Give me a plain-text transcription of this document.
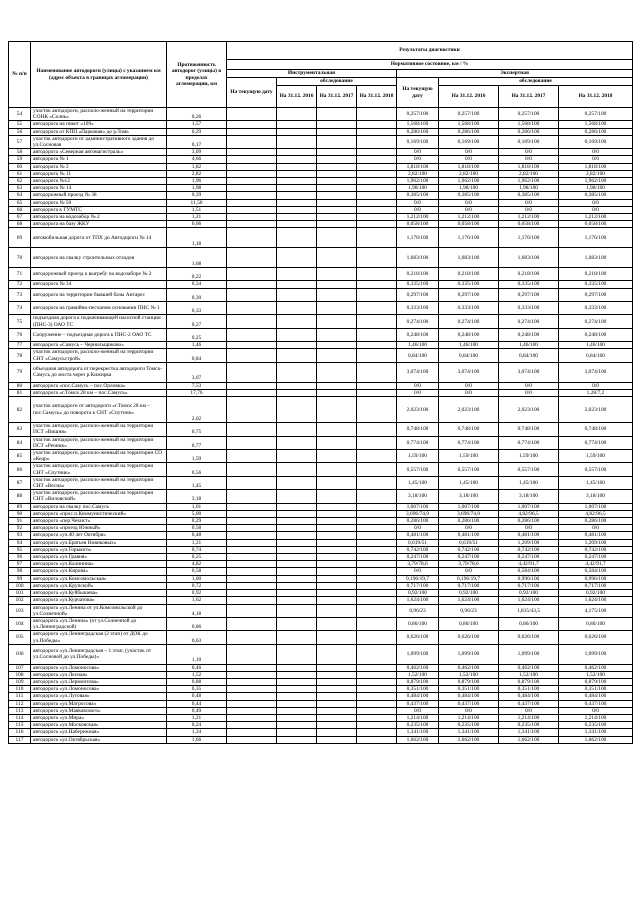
№ п/п	Наименование автодороги (улицы) с указанием км (адрес объекта в границах агломерации)	Протяженность автодорог (улицы) в пределах агломерации, км	Результаты диагностики							
			Нормативное состояние, км / %							
			Инструментальная				Экспертная			
			На текущую дату	обследование			На текущую дату	обследование		
				На 31.12. 2016	На 31.12. 2017	На 31.12. 2018		На 31.12. 2016	На 31.12. 2017	На 31.12. 2018
54	участок автодороги, располо-женный на территории СОНК «Солнь»	0,26					0,257/100	0,257/100	0,257/100	0,257/100
55	автодорога на пикет «109»	1,57					1,568/100	1,568/100	1,568/100	1,568/100
56	автодорога от КПП «Парковая» до р.Томь	0,29					0,286/100	0,286/100	0,286/100	0,286/100
57	участок автодороги от административного здания до ул.Сосновая	0,17					0,169/100	0,169/100	0,169/100	0,169/100
58	автодорога «Северная автомагистраль»	3,09					0/0	0/0	0/0	0/0
59	автодорога № 1	4,66					0/0	0/0	0/0	0/0
60	автодорога № 2	1,82					1,818/100	1,818/100	1,818/100	1,818/100
61	автодорога № 11	2,82					2,82/100	2,82/100	2,82/100	2,82/100
62	автодорога №12	1,96					1,962/100	1,962/100	1,962/100	1,962/100
63	автодорога № 14	1,98					1,98/100	1,98/100	1,98/100	1,98/100
64	автодорожный проезд № 38	0,39					0,385/100	0,385/100	0,385/100	0,385/100
65	автодорога № 50	11,50					0/0	0/0	0/0	0/0
66	автодорога к ГУМТС	1,51					0/0	0/0	0/0	0/0
67	автодорога на водозабор № 2	1,21					1,212/100	1,212/100	1,212/100	1,212/100
68	автодорога на базу ЖКУ	0,06					0,058/100	0,058/100	0,058/100	0,058/100
69	автомобильная дорога от ТПХ до Автодороги № 14	1,18					1,176/100	1,176/100	1,176/100	1,176/100
70	автодорога на свалку строительных отходов	1,68					1,683/100	1,683/100	1,683/100	1,683/100
71	автодорожный проезд к выгребу на водозаборе № 2	0,22					0,218/100	0,218/100	0,218/100	0,218/100
72	автодорога № 34	0,34					0,335/100	0,335/100	0,335/100	0,335/100
73	автодорога на территории бывшей базы Антарес	0,30					0,297/100	0,297/100	0,297/100	0,297/100
74	автодорога на гравийно-песчаном основании ПНС № 1	0,33					0,333/100	0,333/100	0,333/100	0,333/100
75	подъездная дорога к подкачивающей насосной станции (ПНС-3) ОАО ТС	0,27					0,274/100	0,274/100	0,274/100	0,274/100
76	Сооружение – подъездная дорога к ПНС-2 ОАО ТС	0,25					0,248/100	0,248/100	0,248/100	0,248/100
77	автодорога «Самусь – Чернильщиково»	1,46					1,46/100	1,46/100	1,46/100	1,46/100
78	участок автодороги, располо-женный на территории СНТ «Самусьстрой»	0,84					0,84/100	0,84/100	0,84/100	0,84/100
79	объездная автодорога от перекрестка автодороги Томск-Самусь до моста через р.Кижирка	3,07					3,074/100	3,074/100	3,074/100	3,074/100
80	автодорога «пос.Самусь – пос.Орловка»	7,53					0/0	0/0	0/0	0/0
81	автодорога «г.Томск 28 км – пос.Самусь»	17,76					0/0	0/0	0/0	1,28/7,2
82	участок автодороги от автодороги «г.Томск 28 км – пос.Самусь» до поворота к СНТ «Спутник»	2,02					2,023/100	2,023/100	2,023/100	2,023/100
83	участок автодороги, располо-женный на территории ПСТ «Вишня»	0,75					0,748/100	0,748/100	0,748/100	0,748/100
84	участок автодороги, располо-женный на территории ПСТ «Речник»	0,77					0,774/100	0,774/100	0,774/100	0,774/100
85	участок автодороги, располо-женный на территории СО «Кедр»	1,59					1,59/100	1,59/100	1,59/100	1,59/100
86	участок автодороги, располо-женный на территории СНТ «Спутник»	0,56					0,557/100	0,557/100	0,557/100	0,557/100
87	участок автодороги, располо-женный на территории СНТ «Весна»	1,45					1,45/100	1,45/100	1,45/100	1,45/100
88	участок автодороги, располо-женный на территории СНТ «Виловский»	3,18					3,18/100	3,18/100	3,18/100	3,18/100
89	автодорога на свалку пос.Самусь	1,01					1,007/100	1,007/100	1,007/100	1,007/100
90	автодорога «прос.п.Коммунистический»	5,00					3,696/74,0	3,696/74,0	4,82/96,5	4,82/96,5
91	автодорога «пер.Чекист»	0,29					0,286/100	0,286/100	0,286/100	0,286/100
92	автодорога «проезд Южный»	0,58					0/0	0/0	0/0	0/0
93	автодорога «ул.40 лет Октября»	0,48					0,481/100	0,481/100	0,481/100	0,481/100
94	автодорога «ул.Братьев Новиковых»	1,21					0,619/51	0,619/51	1,209/100	1,209/100
95	автодорога «ул.Горького»	0,74					0,742/100	0,742/100	0,742/100	0,742/100
96	автодорога «ул.Гравия»	0,25					0,247/100	0,247/100	0,247/100	0,247/100
97	автодорога «ул.Калинина»	4,82					3,79/78,6	3,79/78,6	4,42/91,7	4,42/91,7
98	автодорога «ул.Кирова»	0,58					0/0	0/0	0,584/100	0,584/100
99	автодорога «ул.Комсомольская»	1,00					0,196/19,7	0,196/19,7	0,996/100	0,996/100
100	автодорога «ул.Крупской»	0,72					0,717/100	0,717/100	0,717/100	0,717/100
101	автодорога «ул.Куйбышева»	0,92					0,92/100	0,92/100	0,92/100	0,92/100
102	автодорога «ул.Курчатова»	1,62					1,624/100	1,624/100	1,624/100	1,624/100
103	автодорога «ул.Ленина от ул.Комсомольской до ул.Солнечной»	4,18					0,96/23	0,96/23	1,815/43,5	4,175/100
104	автодорога «ул.Ленина» (от ул.Солнечной до ул.Ленинградской)	0,86					0,86/100	0,86/100	0,86/100	0,86/100
105	автодорога «ул.Ленинградская (2 этап) от ДОК до ул.Победы»	0,63					0,626/100	0,626/100	0,626/100	0,626/100
106	автодорога «ул.Ленинградская – 1 этап, (участок от ул.Сосновой до ул.Победы)»	1,10					1,099/100	1,099/100	1,099/100	1,099/100
107	автодорога «ул.Ломоносова»	0,46					0,462/100	0,462/100	0,462/100	0,462/100
108	автодорога «ул.Лесная»	1,52					1,52/100	1,52/100	1,52/100	1,52/100
109	автодорога «ул.Лермонтова»	0,88					0,879/100	0,879/100	0,879/100	0,879/100
110	автодорога «ул.Ломоносова»	0,35					0,351/100	0,351/100	0,351/100	0,351/100
111	автодорога «ул.Луговая»	0,48					0,484/100	0,484/100	0,484/100	0,484/100
112	автодорога «ул.Матросова»	0,44					0,437/100	0,437/100	0,437/100	0,437/100
113	автодорога «ул.Маяковского»	0,49					0/0	0/0	0/0	0/0
114	автодорога «ул.Мира»	1,21					1,214/100	1,214/100	1,214/100	1,214/100
115	автодорога «ул.Московская»	0,24					0,235/100	0,235/100	0,235/100	0,235/100
116	автодорога «ул.Набережная»	1,34					1,341/100	1,341/100	1,341/100	1,341/100
117	автодорога «ул.Октябрьская»	1,66					1,662/100	1,662/100	1,662/100	1,662/100
